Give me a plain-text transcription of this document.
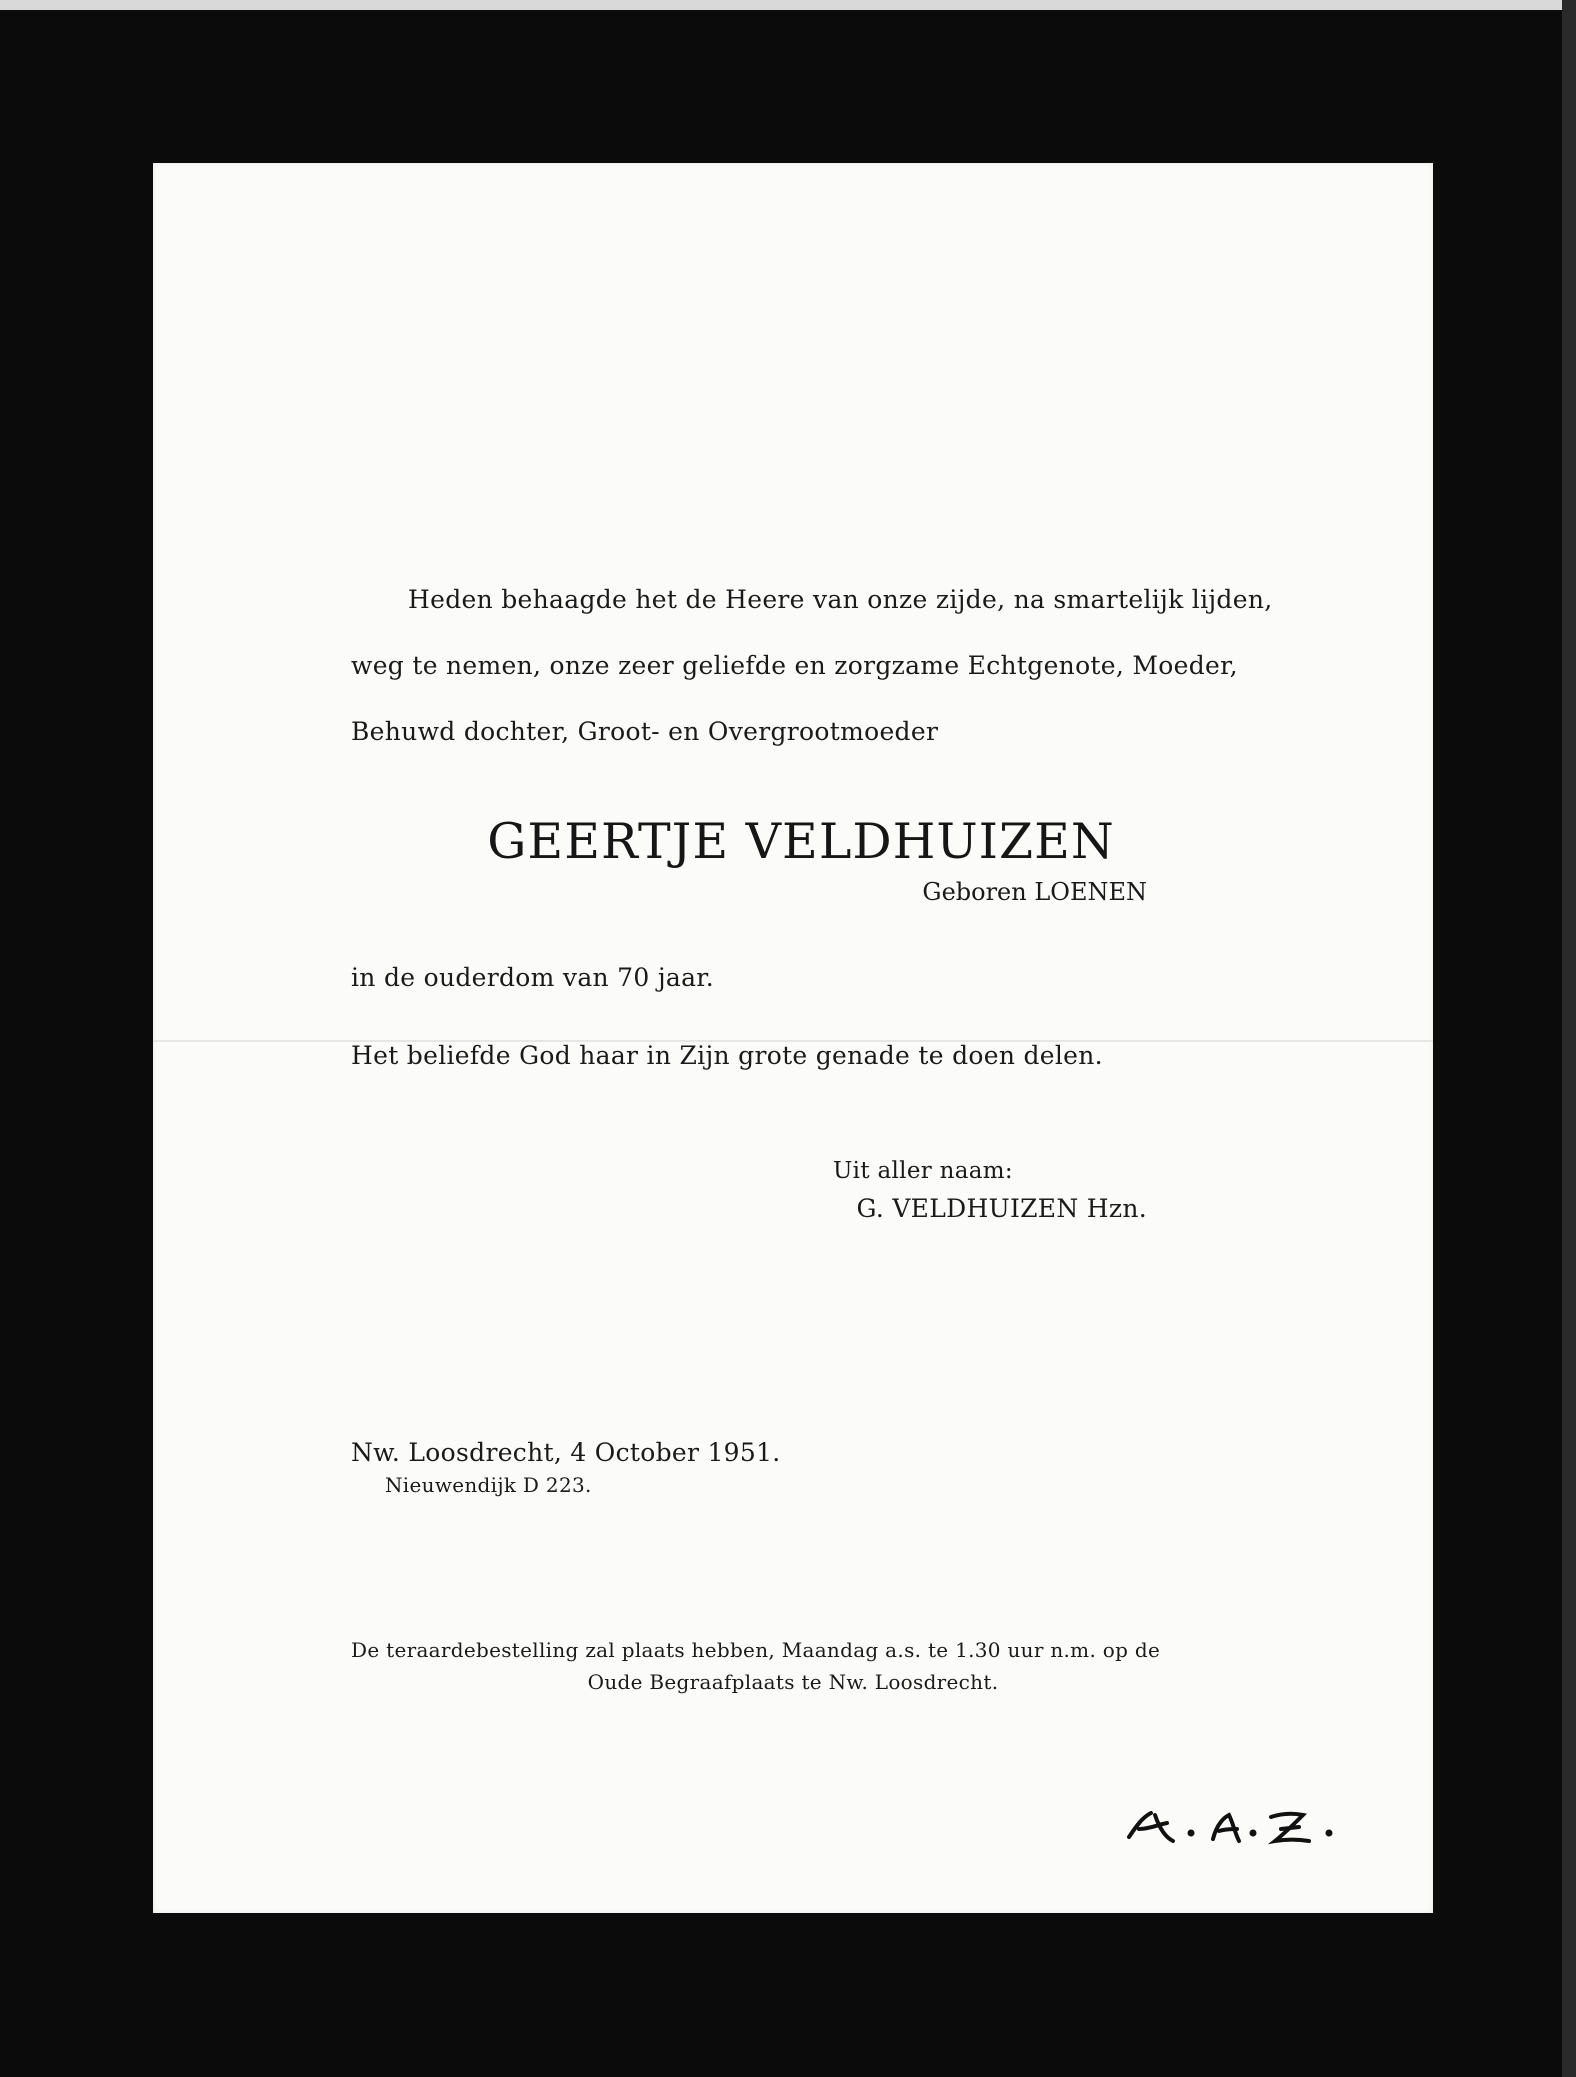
Heden behaagde het de Heere van onze zijde, na smartelijk lijden,
weg te nemen, onze zeer geliefde en zorgzame Echtgenote, Moeder,
Behuwd dochter, Groot- en Overgrootmoeder
GEERTJE VELDHUIZEN
Geboren LOENEN
in de ouderdom van 70 jaar.
Het beliefde God haar in Zijn grote genade te doen delen.
Uit aller naam:
G. VELDHUIZEN Hzn.
Nw. Loosdrecht, 4 October 1951.
Nieuwendijk D 223.
De teraardebestelling zal plaats hebben, Maandag a.s. te 1.30 uur n.m. op de
Oude Begraafplaats te Nw. Loosdrecht.
